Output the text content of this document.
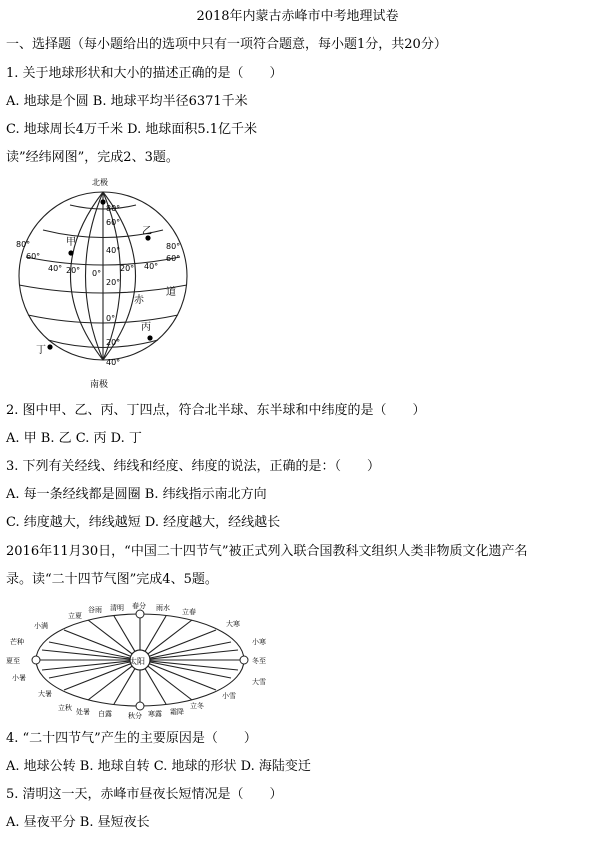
2018年内蒙古赤峰市中考地理试卷
一、选择题（每小题给出的选项中只有一项符合题意，每小题1分，共20分）
1. 关于地球形状和大小的描述正确的是（　　）
A. 地球是个圆 B. 地球平均半径6371千米
C. 地球周长4万千米 D. 地球面积5.1亿千米
读”经纬网图”，完成2、3题。
北极
南极
80°
60°
40° 20° 0°
80°
60°
40°
20°
80°
60°
40°
20°
0°
20°
40°
甲
乙
丙
丁
赤
道
2. 图中甲、乙、丙、丁四点，符合北半球、东半球和中纬度的是（　　）
A. 甲 B. 乙 C. 丙 D. 丁
3. 下列有关经线、纬线和经度、纬度的说法，正确的是：（　　）
A. 每一条经线都是圆圈 B. 纬线指示南北方向
C. 纬度越大，纬线越短 D. 经度越大，经线越长
2016年11月30日，“中国二十四节气”被正式列入联合国教科文组织人类非物质文化遗产名
录。读“二十四节气图”完成4、5题。
太阳
立夏
谷雨 清明 春分 雨水 立春
立秋 处暑 白露 秋分 寒露 霜降
立冬
小满
芒种
夏至
小暑
大暑
大寒
小寒
冬至
大雪
小雪
4. “二十四节气”产生的主要原因是（　　）
A. 地球公转 B. 地球自转 C. 地球的形状 D. 海陆变迁
5. 清明这一天，赤峰市昼夜长短情况是（　　）
A. 昼夜平分 B. 昼短夜长
